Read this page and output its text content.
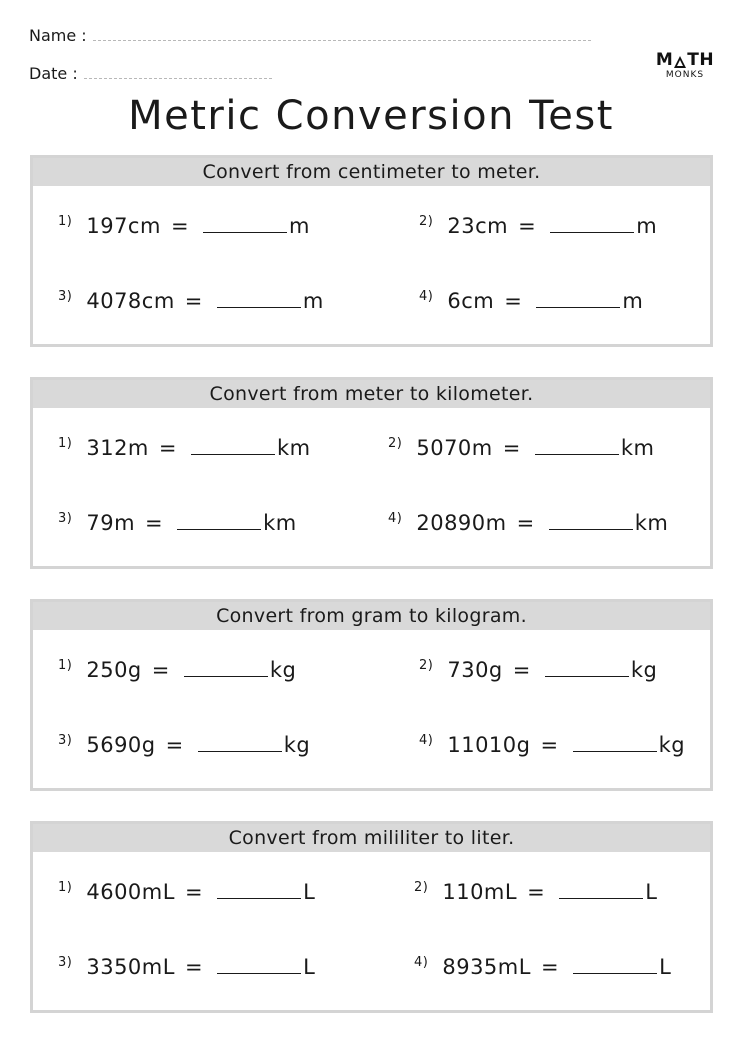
Name :
Date :
M TH
MONKS
Metric Conversion Test
Convert from centimeter to meter.
1) 197cm =	m	2) 23cm =	m
3) 4078cm =	m	4) 6cm =	m
Convert from meter to kilometer.
1) 312m =	km	2) 5070m =	km
3) 79m =	km	4) 20890m =	km
Convert from gram to kilogram.
1) 250g =	kg	2) 730g =	kg
3) 5690g =	kg	4) 11010g =	kg
Convert from mililiter to liter.
1) 4600mL =	L	2) 110mL =	L
3) 3350mL =	L	4) 8935mL =	L
